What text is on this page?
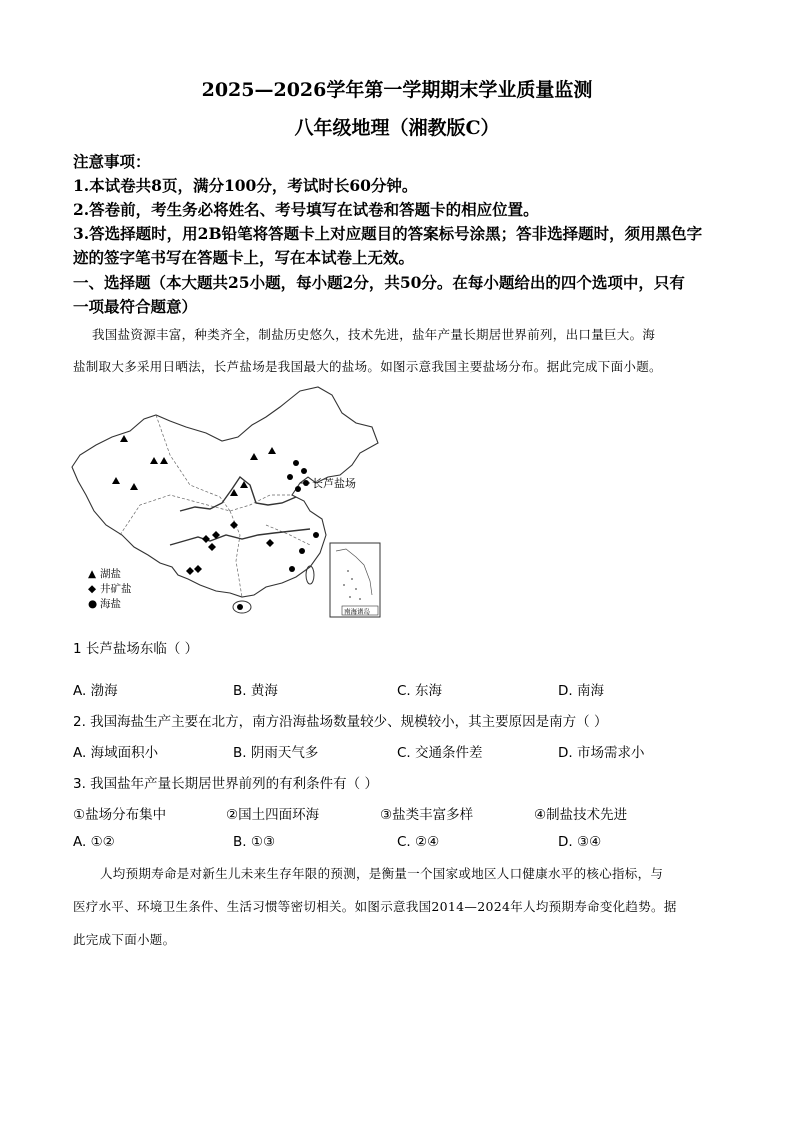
2025—2026学年第一学期期末学业质量监测
八年级地理（湘教版C）
注意事项：
1.本试卷共8页，满分100分，考试时长60分钟。
2.答卷前，考生务必将姓名、考号填写在试卷和答题卡的相应位置。
3.答选择题时，用2B铅笔将答题卡上对应题目的答案标号涂黑；答非选择题时，须用黑色字
迹的签字笔书写在答题卡上，写在本试卷上无效。
一、选择题（本大题共25小题，每小题2分，共50分。在每小题给出的四个选项中，只有
一项最符合题意）
我国盐资源丰富，种类齐全，制盐历史悠久，技术先进，盐年产量长期居世界前列，出口量巨大。海
盐制取大多采用日晒法，长芦盐场是我国最大的盐场。如图示意我国主要盐场分布。据此完成下面小题。
长芦盐场
▲ 湖盐
◆ 井矿盐
● 海盐
南海诸岛
1 长芦盐场东临（ ）
A. 渤海	B. 黄海	C. 东海	D. 南海
2. 我国海盐生产主要在北方，南方沿海盐场数量较少、规模较小，其主要原因是南方（ ）
A. 海域面积小	B. 阴雨天气多	C. 交通条件差	D. 市场需求小
3. 我国盐年产量长期居世界前列的有利条件有（ ）
①盐场分布集中	②国土四面环海	③盐类丰富多样	④制盐技术先进
A. ①②	B. ①③	C. ②④	D. ③④
人均预期寿命是对新生儿未来生存年限的预测，是衡量一个国家或地区人口健康水平的核心指标，与
医疗水平、环境卫生条件、生活习惯等密切相关。如图示意我国2014—2024年人均预期寿命变化趋势。据
此完成下面小题。
